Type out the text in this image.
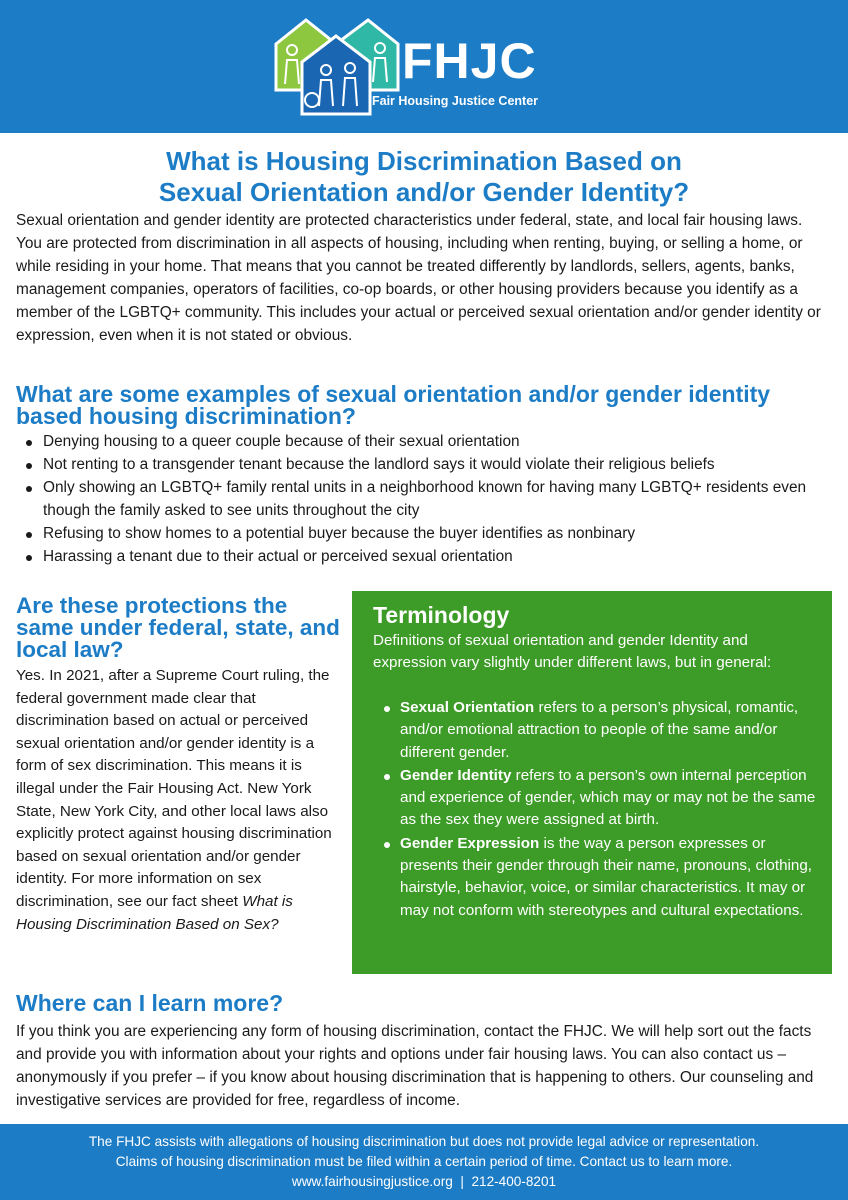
FHJC
Fair Housing Justice Center
What is Housing Discrimination Based on
Sexual Orientation and/or Gender Identity?

Sexual orientation and gender identity are protected characteristics under federal, state, and local fair housing laws. You are protected from discrimination in all aspects of housing, including when renting, buying, or selling a home, or while residing in your home. That means that you cannot be treated differently by landlords, sellers, agents, banks, management companies, operators of facilities, co-op boards, or other housing providers because you identify as a member of the LGBTQ+ community. This includes your actual or perceived sexual orientation and/or gender identity or expression, even when it is not stated or obvious.

What are some examples of sexual orientation and/or gender identity based housing discrimination?
Denying housing to a queer couple because of their sexual orientation
Not renting to a transgender tenant because the landlord says it would violate their religious beliefs
Only showing an LGBTQ+ family rental units in a neighborhood known for having many LGBTQ+ residents even though the family asked to see units throughout the city
Refusing to show homes to a potential buyer because the buyer identifies as nonbinary
Harassing a tenant due to their actual or perceived sexual orientation
Are these protections the same under federal, state, and local law?

Yes. In 2021, after a Supreme Court ruling, the federal government made clear that discrimination based on actual or perceived sexual orientation and/or gender identity is a form of sex discrimination. This means it is illegal under the Fair Housing Act. New York State, New York City, and other local laws also explicitly protect against housing discrimination based on sexual orientation and/or gender identity. For more information on sex discrimination, see our fact sheet What is Housing Discrimination Based on Sex?

Terminology

Definitions of sexual orientation and gender Identity and expression vary slightly under different laws, but in general:

Sexual Orientation refers to a person’s physical, romantic, and/or emotional attraction to people of the same and/or different gender.
Gender Identity refers to a person’s own internal perception and experience of gender, which may or may not be the same as the sex they were assigned at birth.
Gender Expression is the way a person expresses or presents their gender through their name, pronouns, clothing, hairstyle, behavior, voice, or similar characteristics. It may or may not conform with stereotypes and cultural expectations.
Where can I learn more?

If you think you are experiencing any form of housing discrimination, contact the FHJC. We will help sort out the facts and provide you with information about your rights and options under fair housing laws. You can also contact us – anonymously if you prefer – if you know about housing discrimination that is happening to others. Our counseling and investigative services are provided for free, regardless of income.

The FHJC assists with allegations of housing discrimination but does not provide legal advice or representation.
Claims of housing discrimination must be filed within a certain period of time. Contact us to learn more.
www.fairhousingjustice.org  |  212-400-8201
